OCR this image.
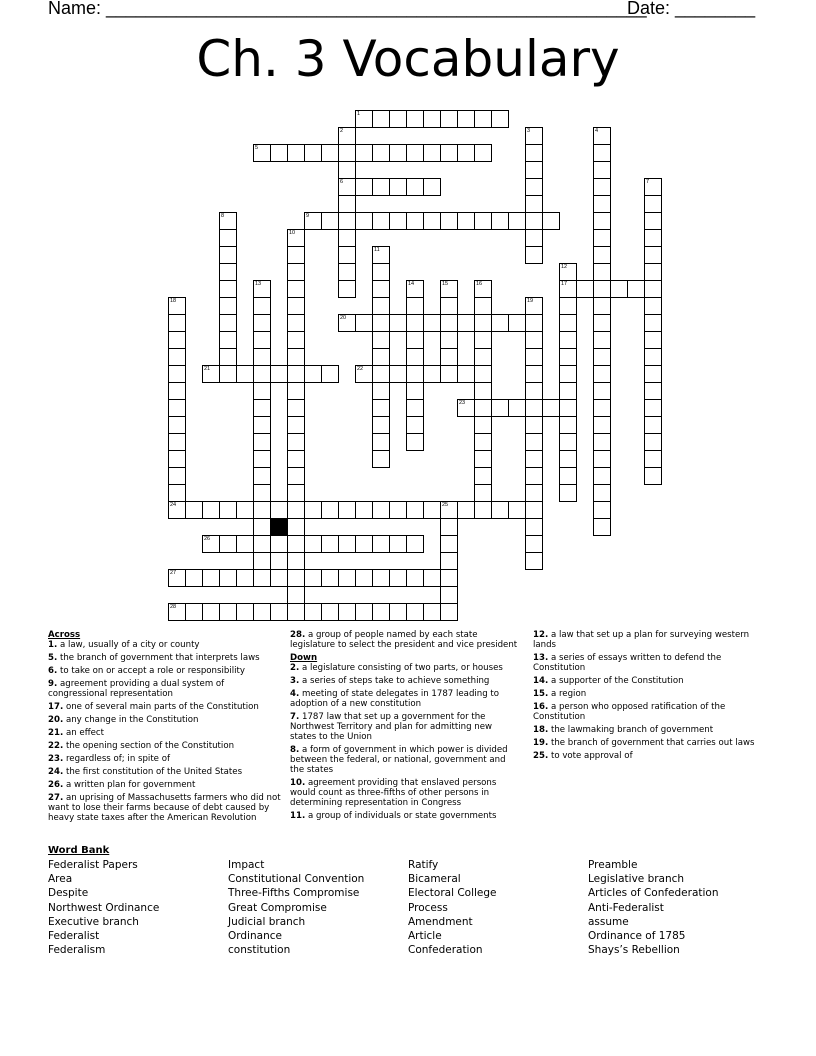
Name: ______________________________________________________
Date: ________
Ch. 3 Vocabulary
1
2	3	4
5
6	7
8	9
10
11
12
13	14	15	16	17
18	19
20
21	22
23
24	25
26
27
28
Across
1. a law, usually of a city or county
5. the branch of government that interprets laws
6. to take on or accept a role or responsibility
9. agreement providing a dual system of congressional representation
17. one of several main parts of the Constitution
20. any change in the Constitution
21. an effect
22. the opening section of the Constitution
23. regardless of; in spite of
24. the first constitution of the United States
26. a written plan for government
27. an uprising of Massachusetts farmers who did not want to lose their farms because of debt caused by heavy state taxes after the American Revolution
28. a group of people named by each state legislature to select the president and vice president
Down
2. a legislature consisting of two parts, or houses
3. a series of steps take to achieve something
4. meeting of state delegates in 1787 leading to adoption of a new constitution
7. 1787 law that set up a government for the Northwest Territory and plan for admitting new states to the Union
8. a form of government in which power is divided between the federal, or national, government and the states
10. agreement providing that enslaved persons would count as three-fifths of other persons in determining representation in Congress
11. a group of individuals or state governments
12. a law that set up a plan for surveying western lands
13. a series of essays written to defend the Constitution
14. a supporter of the Constitution
15. a region
16. a person who opposed ratification of the Constitution
18. the lawmaking branch of government
19. the branch of government that carries out laws
25. to vote approval of
Word Bank
Federalist Papers
Area
Despite
Northwest Ordinance
Executive branch
Federalist
Federalism
Impact
Constitutional Convention
Three-Fifths Compromise
Great Compromise
Judicial branch
Ordinance
constitution
Ratify
Bicameral
Electoral College
Process
Amendment
Article
Confederation
Preamble
Legislative branch
Articles of Confederation
Anti-Federalist
assume
Ordinance of 1785
Shays’s Rebellion
